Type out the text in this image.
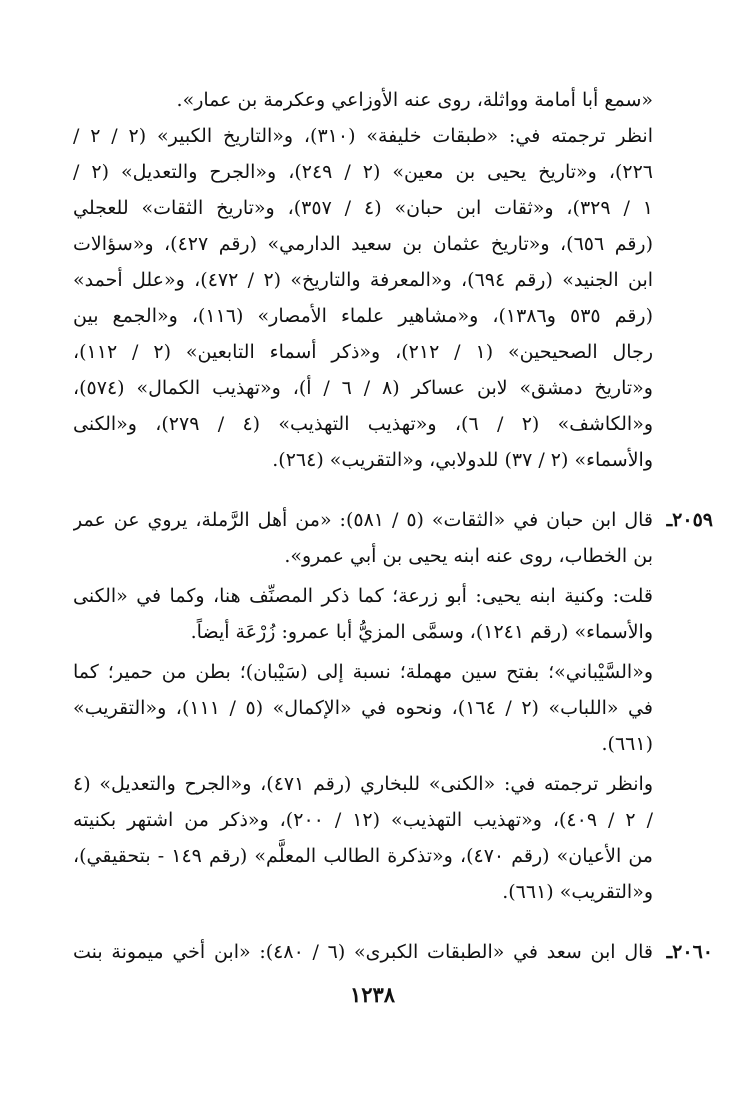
«سمع أبا أمامة وواثلة، روى عنه الأوزاعي وعكرمة بن عمار».
انظر ترجمته في: «طبقات خليفة» (٣١٠)، و«التاريخ الكبير» (٢ / ٢ /
٢٢٦)، و«تاريخ يحيى بن معين» (٢ / ٢٤٩)، و«الجرح والتعديل» (٢ /
١ / ٣٢٩)، و«ثقات ابن حبان» (٤ / ٣٥٧)، و«تاريخ الثقات» للعجلي
(رقم ٦٥٦)، و«تاريخ عثمان بن سعيد الدارمي» (رقم ٤٢٧)، و«سؤالات
ابن الجنيد» (رقم ٦٩٤)، و«المعرفة والتاريخ» (٢ / ٤٧٢)، و«علل أحمد»
(رقم ٥٣٥ و١٣٨٦)، و«مشاهير علماء الأمصار» (١١٦)، و«الجمع بين
رجال الصحيحين» (١ / ٢١٢)، و«ذكر أسماء التابعين» (٢ / ١١٢)،
و«تاريخ دمشق» لابن عساكر (٨ / ٦ / أ)، و«تهذيب الكمال» (٥٧٤)،
و«الكاشف» (٢ / ٦)، و«تهذيب التهذيب» (٤ / ٢٧٩)، و«الكنى
والأسماء» (٢ / ٣٧) للدولابي، و«التقريب» (٢٦٤).
٢٠٥٩ـ
قال ابن حبان في «الثقات» (٥ / ٥٨١): «من أهل الرَّملة، يروي عن عمر
بن الخطاب، روى عنه ابنه يحيى بن أبي عمرو».
قلت: وكنية ابنه يحيى: أبو زرعة؛ كما ذكر المصنِّف هنا، وكما في «الكنى
والأسماء» (رقم ١٢٤١)، وسمَّى المزيُّ أبا عمرو: زُرْعَة أيضاً.
و«السَّيْباني»؛ بفتح سين مهملة؛ نسبة إلى (سَيْبان)؛ بطن من حمير؛ كما
في «اللباب» (٢ / ١٦٤)، ونحوه في «الإكمال» (٥ / ١١١)، و«التقريب»
(٦٦١).
وانظر ترجمته في: «الكنى» للبخاري (رقم ٤٧١)، و«الجرح والتعديل» (٤
/ ٢ / ٤٠٩)، و«تهذيب التهذيب» (١٢ / ٢٠٠)، و«ذكر من اشتهر بكنيته
من الأعيان» (رقم ٤٧٠)، و«تذكرة الطالب المعلَّم» (رقم ١٤٩ - بتحقيقي)،
و«التقريب» (٦٦١).
٢٠٦٠ـ
قال ابن سعد في «الطبقات الكبرى» (٦ / ٤٨٠): «ابن أخي ميمونة بنت
١٢٣٨
